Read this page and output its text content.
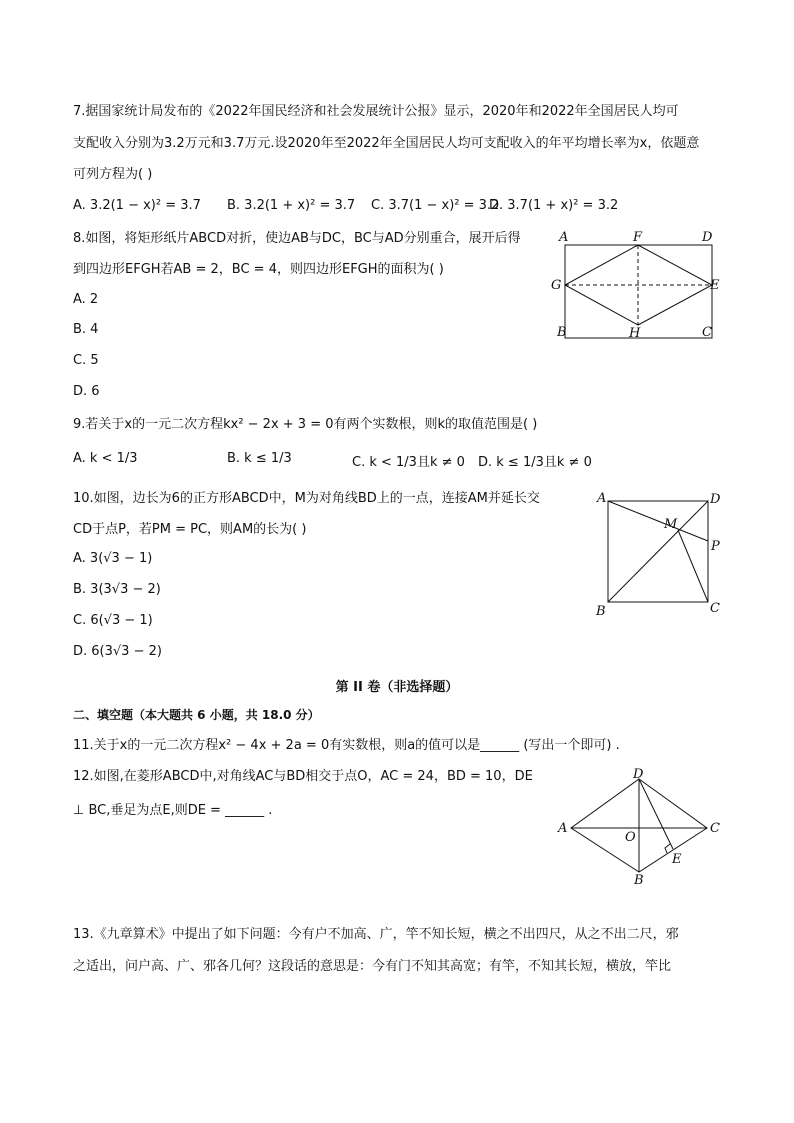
7.据国家统计局发布的《2022年国民经济和社会发展统计公报》显示，2020年和2022年全国居民人均可
支配收入分别为3.2万元和3.7万元.设2020年至2022年全国居民人均可支配收入的年平均增长率为x，依题意
可列方程为( )
A. 3.2(1 − x)² = 3.7 B. 3.2(1 + x)² = 3.7 C. 3.7(1 − x)² = 3.2
D. 3.7(1 + x)² = 3.2
8.如图，将矩形纸片ABCD对折，使边AB与DC，BC与AD分别重合，展开后得
到四边形EFGH若AB = 2，BC = 4，则四边形EFGH的面积为( )
A. 2
B. 4
C. 5
D. 6
A	F	D
G	E
B	H	C
9.若关于x的一元二次方程kx² − 2x + 3 = 0有两个实数根，则k的取值范围是( )
A. k < 1/3	B. k ≤ 1/3	C. k < 1/3且k ≠ 0 D. k ≤ 1/3且k ≠ 0
10.如图，边长为6的正方形ABCD中，M为对角线BD上的一点，连接AM并延长交
CD于点P，若PM = PC，则AM的长为( )
A. 3(√3 − 1)
B. 3(3√3 − 2)
C. 6(√3 − 1)
D. 6(3√3 − 2)
A	D
M
P
B	C
第 II 卷（非选择题）
二、填空题（本大题共 6 小题，共 18.0 分）
11.关于x的一元二次方程x² − 4x + 2a = 0有实数根，则a的值可以是______ (写出一个即可) .
12.如图,在菱形ABCD中,对角线AC与BD相交于点O，AC = 24，BD = 10，DE
⊥ BC,垂足为点E,则DE = ______ .
D
A
O
C
E
B
13.《九章算术》中提出了如下问题：今有户不加高、广，竿不知长短，横之不出四尺，从之不出二尺，邪
之适出，问户高、广、邪各几何？这段话的意思是：今有门不知其高宽；有竿，不知其长短，横放，竿比
